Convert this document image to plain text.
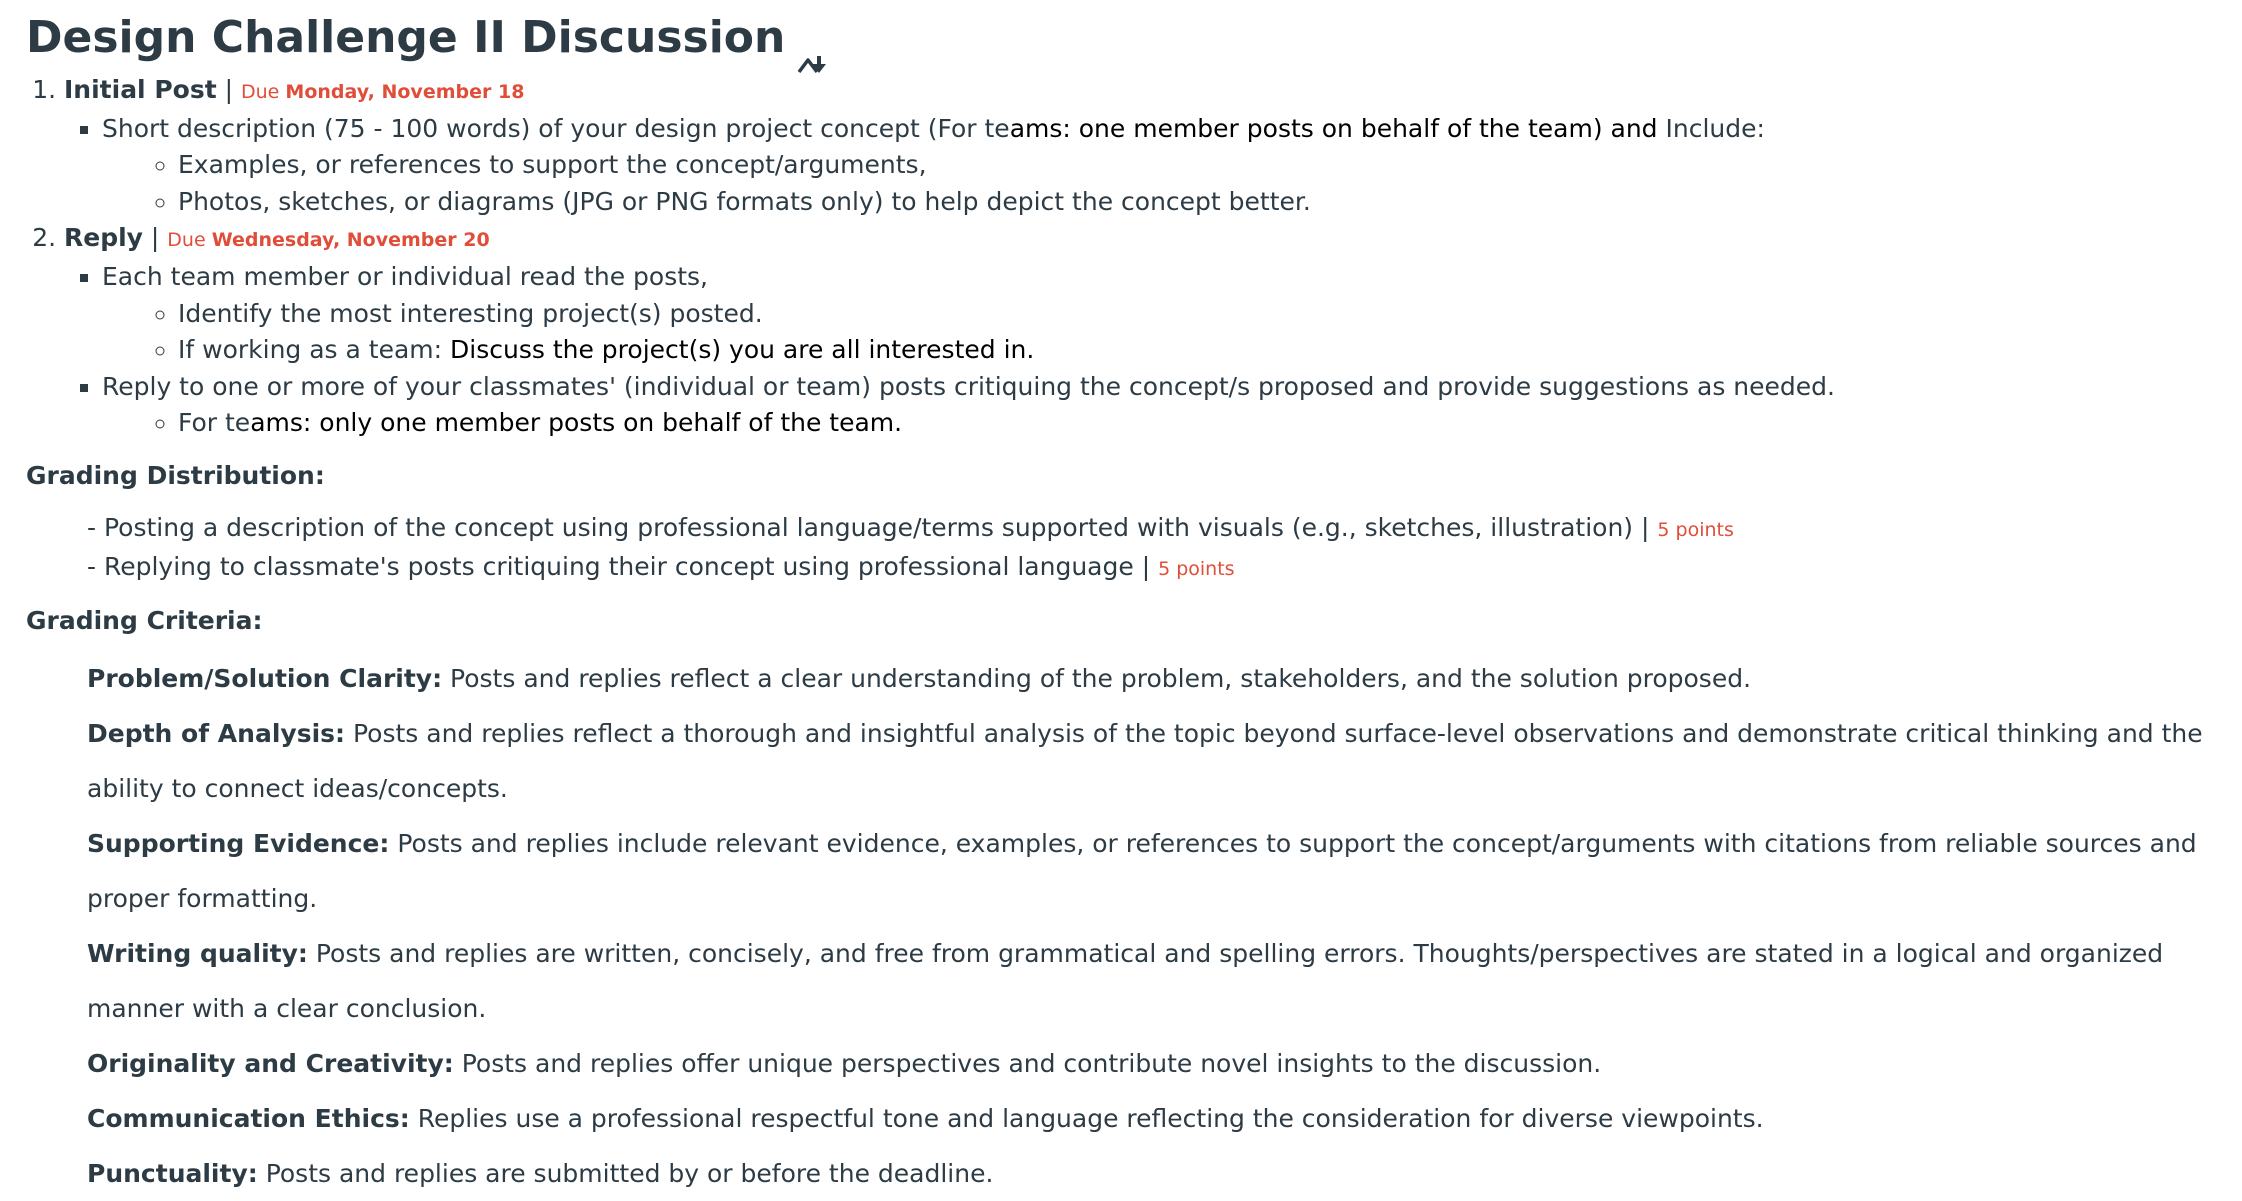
Design Challenge II Discussion
1. Initial Post | Due Monday, November 18
▪ Short description (75 - 100 words) of your design project concept (For teams: one member posts on behalf of the team) and Include:
◦ Examples, or references to support the concept/arguments,
◦ Photos, sketches, or diagrams (JPG or PNG formats only) to help depict the concept better.
2. Reply | Due Wednesday, November 20
▪ Each team member or individual read the posts,
◦ Identify the most interesting project(s) posted.
◦ If working as a team: Discuss the project(s) you are all interested in.
▪ Reply to one or more of your classmates' (individual or team) posts critiquing the concept/s proposed and provide suggestions as needed.
◦ For teams: only one member posts on behalf of the team.
Grading Distribution:
- Posting a description of the concept using professional language/terms supported with visuals (e.g., sketches, illustration) | 5 points
- Replying to classmate's posts critiquing their concept using professional language | 5 points
Grading Criteria:

Problem/Solution Clarity: Posts and replies reflect a clear understanding of the problem, stakeholders, and the solution proposed.

Depth of Analysis: Posts and replies reflect a thorough and insightful analysis of the topic beyond surface-level observations and demonstrate critical thinking and the ability to connect ideas/concepts.

Supporting Evidence: Posts and replies include relevant evidence, examples, or references to support the concept/arguments with citations from reliable sources and proper formatting.

Writing quality: Posts and replies are written, concisely, and free from grammatical and spelling errors. Thoughts/perspectives are stated in a logical and organized manner with a clear conclusion.

Originality and Creativity: Posts and replies offer unique perspectives and contribute novel insights to the discussion.

Communication Ethics: Replies use a professional respectful tone and language reflecting the consideration for diverse viewpoints.

Punctuality: Posts and replies are submitted by or before the deadline.
